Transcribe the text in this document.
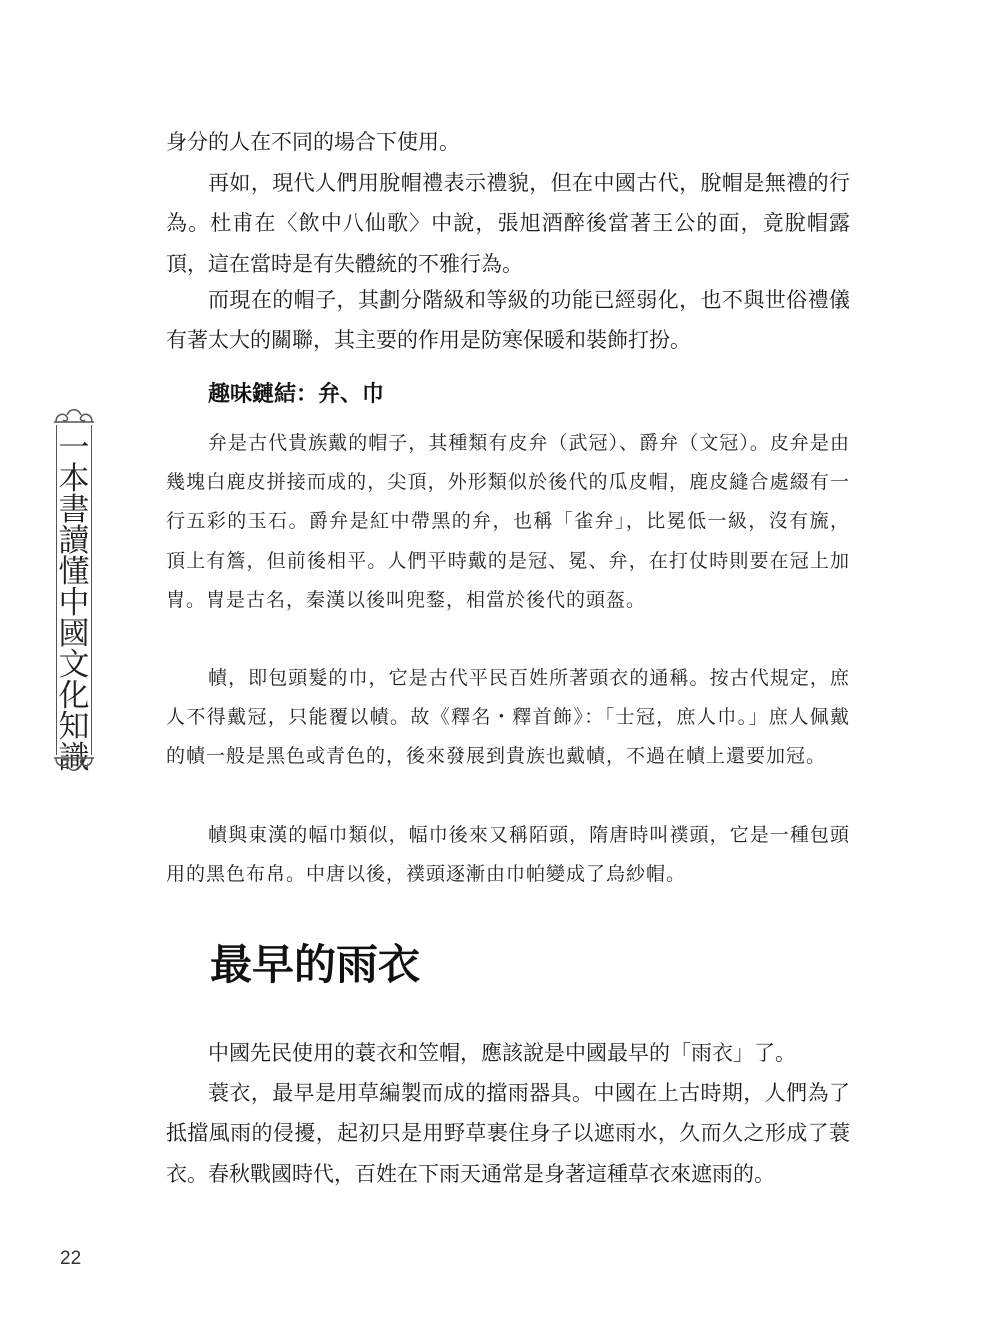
一
本
書
讀
懂
中
國
文
化
知
識

身分的人在不同的場合下使用。

再如，現代人們用脫帽禮表示禮貌，但在中國古代，脫帽是無禮的行為。杜甫在〈飲中八仙歌〉中說，張旭酒醉後當著王公的面，竟脫帽露頂，這在當時是有失體統的不雅行為。

而現在的帽子，其劃分階級和等級的功能已經弱化，也不與世俗禮儀有著太大的關聯，其主要的作用是防寒保暖和裝飾打扮。

趣味鏈結：弁、巾

弁是古代貴族戴的帽子，其種類有皮弁（武冠）、爵弁（文冠）。皮弁是由幾塊白鹿皮拼接而成的，尖頂，外形類似於後代的瓜皮帽，鹿皮縫合處綴有一行五彩的玉石。爵弁是紅中帶黑的弁，也稱「雀弁」，比冕低一級，沒有旒，頂上有簷，但前後相平。人們平時戴的是冠、冕、弁，在打仗時則要在冠上加冑。冑是古名，秦漢以後叫兜鍪，相當於後代的頭盔。

幘，即包頭髮的巾，它是古代平民百姓所著頭衣的通稱。按古代規定，庶人不得戴冠，只能覆以幘。故《釋名・釋首飾》：「士冠，庶人巾。」庶人佩戴的幘一般是黑色或青色的，後來發展到貴族也戴幘，不過在幘上還要加冠。

幘與東漢的幅巾類似，幅巾後來又稱陌頭，隋唐時叫襆頭，它是一種包頭用的黑色布帛。中唐以後，襆頭逐漸由巾帕變成了烏紗帽。

最早的雨衣

中國先民使用的蓑衣和笠帽，應該說是中國最早的「雨衣」了。

蓑衣，最早是用草編製而成的擋雨器具。中國在上古時期，人們為了抵擋風雨的侵擾，起初只是用野草裹住身子以遮雨水，久而久之形成了蓑衣。春秋戰國時代，百姓在下雨天通常是身著這種草衣來遮雨的。

22
